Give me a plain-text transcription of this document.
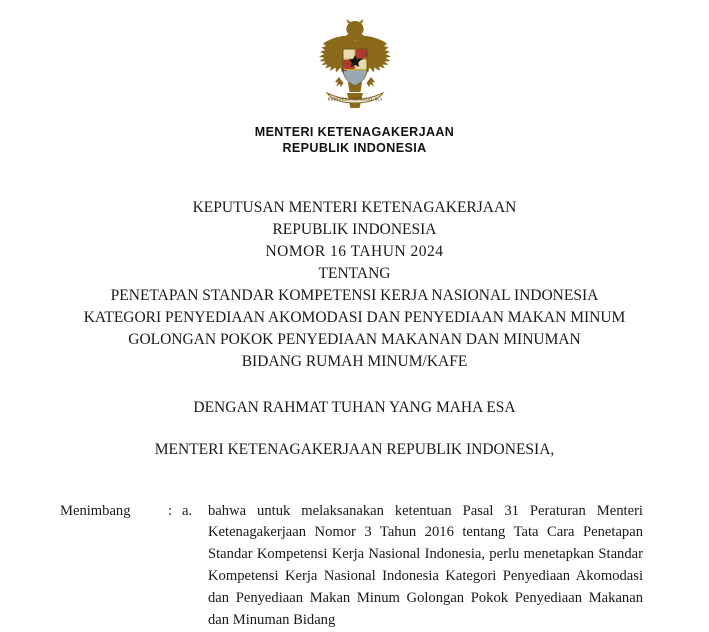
BHINNEKA TUNGGAL IKA
MENTERI KETENAGAKERJAAN
REPUBLIK INDONESIA
KEPUTUSAN MENTERI KETENAGAKERJAAN
REPUBLIK INDONESIA
NOMOR 16 TAHUN 2024
TENTANG
PENETAPAN STANDAR KOMPETENSI KERJA NASIONAL INDONESIA
KATEGORI PENYEDIAAN AKOMODASI DAN PENYEDIAAN MAKAN MINUM
GOLONGAN POKOK PENYEDIAAN MAKANAN DAN MINUMAN
BIDANG RUMAH MINUM/KAFE
DENGAN RAHMAT TUHAN YANG MAHA ESA
MENTERI KETENAGAKERJAAN REPUBLIK INDONESIA,
Menimbang	: a.	bahwa untuk melaksanakan ketentuan Pasal 31 Peraturan Menteri Ketenagakerjaan Nomor 3 Tahun 2016 tentang Tata Cara Penetapan Standar Kompetensi Kerja Nasional Indonesia, perlu menetapkan Standar Kompetensi Kerja Nasional Indonesia Kategori Penyediaan Akomodasi dan Penyediaan Makan Minum Golongan Pokok Penyediaan Makanan dan Minuman Bidang
